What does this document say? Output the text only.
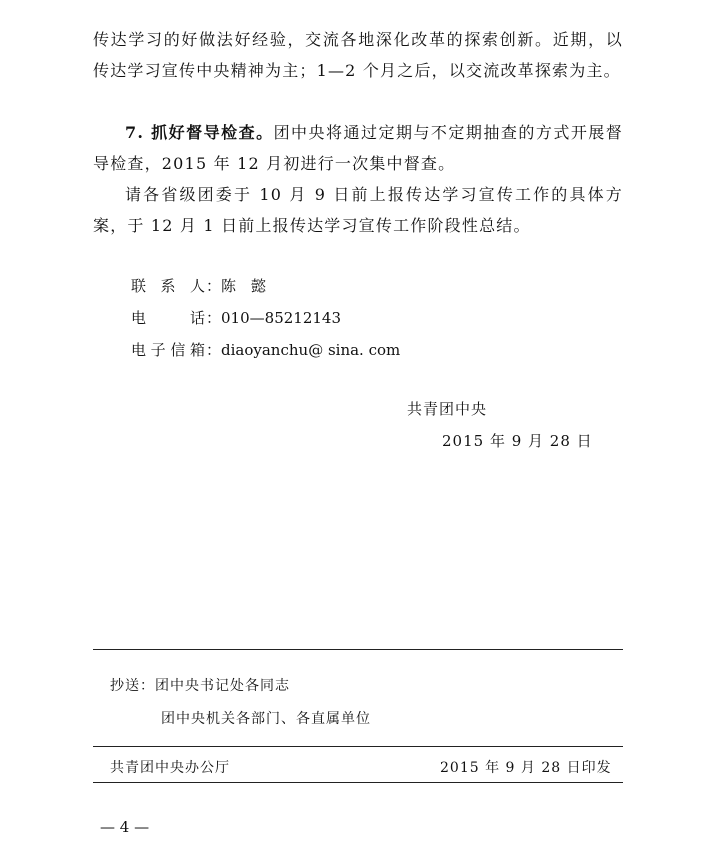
传达学习的好做法好经验，交流各地深化改革的探索创新。近期，以传达学习宣传中央精神为主；1—2 个月之后，以交流改革探索为主。

7. 抓好督导检查。团中央将通过定期与不定期抽查的方式开展督导检查，2015 年 12 月初进行一次集中督查。

请各省级团委于 10 月 9 日前上报传达学习宣传工作的具体方案，于 12 月 1 日前上报传达学习宣传工作阶段性总结。

联系人：陈　懿
电话：010—85212143
电子信箱：diaoyanchu@ sina. com
共青团中央
2015 年 9 月 28 日
抄送：团中央书记处各同志
团中央机关各部门、各直属单位
共青团中央办公厅	2015 年 9 月 28 日印发
— 4 —
